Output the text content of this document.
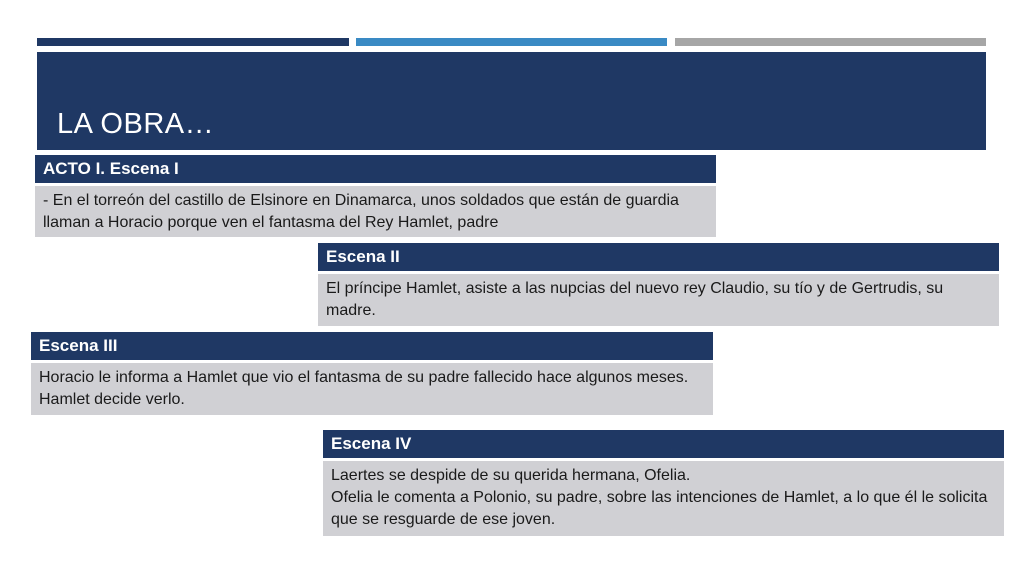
LA OBRA…
ACTO I. Escena I
- En el torreón del castillo de Elsinore en Dinamarca, unos soldados que están de guardia llaman a Horacio porque ven el fantasma del Rey Hamlet, padre
Escena II
El príncipe Hamlet, asiste a las nupcias del nuevo rey Claudio, su tío y de Gertrudis, su madre.
Escena III
Horacio le informa a Hamlet que vio el fantasma de su padre fallecido hace algunos meses. Hamlet decide verlo.
Escena IV
Laertes se despide de su querida hermana, Ofelia.
Ofelia le comenta a Polonio, su padre, sobre las intenciones de Hamlet, a lo que él le solicita que se resguarde de ese joven.
